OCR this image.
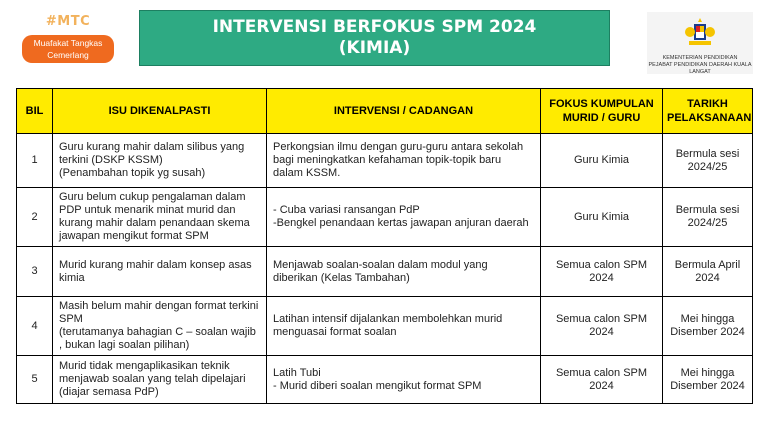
#MTC
Muafakat Tangkas Cemerlang
INTERVENSI BERFOKUS SPM 2024
(KIMIA)	KEMENTERIAN PENDIDIKAN
PEJABAT PENDIDIKAN DAERAH KUALA LANGAT
BIL	ISU DIKENALPASTI	INTERVENSI / CADANGAN	FOKUS KUMPULAN MURID / GURU	TARIKH PELAKSANAAN
1	Guru kurang mahir dalam silibus yang terkini (DSKP KSSM)
(Penambahan topik yg susah)	Perkongsian ilmu dengan guru-guru antara sekolah bagi meningkatkan kefahaman topik-topik baru dalam KSSM.	Guru Kimia	Bermula sesi 2024/25
2	Guru belum cukup pengalaman dalam PDP untuk menarik minat murid dan kurang mahir dalam penandaan skema jawapan mengikut format SPM	- Cuba variasi ransangan PdP
-Bengkel penandaan kertas jawapan anjuran daerah	Guru Kimia	Bermula sesi 2024/25
3	Murid kurang mahir dalam konsep asas kimia	Menjawab soalan-soalan dalam modul yang diberikan (Kelas Tambahan)	Semua calon SPM 2024	Bermula April 2024
4	Masih belum mahir dengan format terkini SPM
(terutamanya bahagian C – soalan wajib , bukan lagi soalan pilihan)	Latihan intensif dijalankan membolehkan murid menguasai format soalan	Semua calon SPM 2024	Mei hingga Disember 2024
5	Murid tidak mengaplikasikan teknik menjawab soalan yang telah dipelajari (diajar semasa PdP)	Latih Tubi
- Murid diberi soalan mengikut format SPM	Semua calon SPM 2024	Mei hingga Disember 2024
